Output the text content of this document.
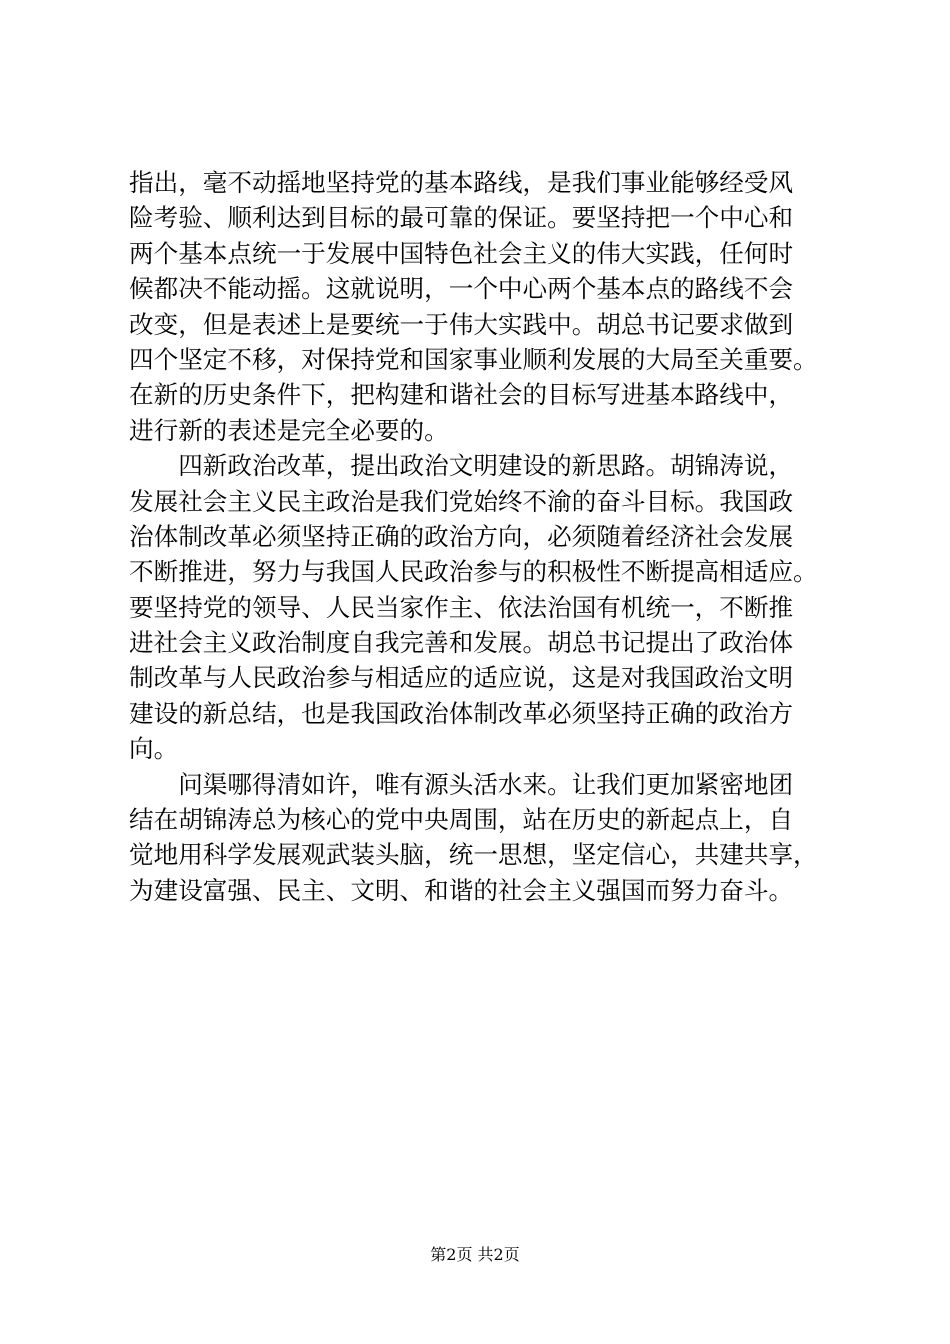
指出，毫不动摇地坚持党的基本路线，是我们事业能够经受风
险考验、顺利达到目标的最可靠的保证。要坚持把一个中心和
两个基本点统一于发展中国特色社会主义的伟大实践，任何时
候都决不能动摇。这就说明，一个中心两个基本点的路线不会
改变，但是表述上是要统一于伟大实践中。胡总书记要求做到
四个坚定不移，对保持党和国家事业顺利发展的大局至关重要。
在新的历史条件下，把构建和谐社会的目标写进基本路线中，
进行新的表述是完全必要的。
　　四新政治改革，提出政治文明建设的新思路。胡锦涛说，
发展社会主义民主政治是我们党始终不渝的奋斗目标。我国政
治体制改革必须坚持正确的政治方向，必须随着经济社会发展
不断推进，努力与我国人民政治参与的积极性不断提高相适应。
要坚持党的领导、人民当家作主、依法治国有机统一，不断推
进社会主义政治制度自我完善和发展。胡总书记提出了政治体
制改革与人民政治参与相适应的适应说，这是对我国政治文明
建设的新总结，也是我国政治体制改革必须坚持正确的政治方
向。
　　问渠哪得清如许，唯有源头活水来。让我们更加紧密地团
结在胡锦涛总为核心的党中央周围，站在历史的新起点上，自
觉地用科学发展观武装头脑，统一思想，坚定信心，共建共享，
为建设富强、民主、文明、和谐的社会主义强国而努力奋斗。
第2页 共2页
